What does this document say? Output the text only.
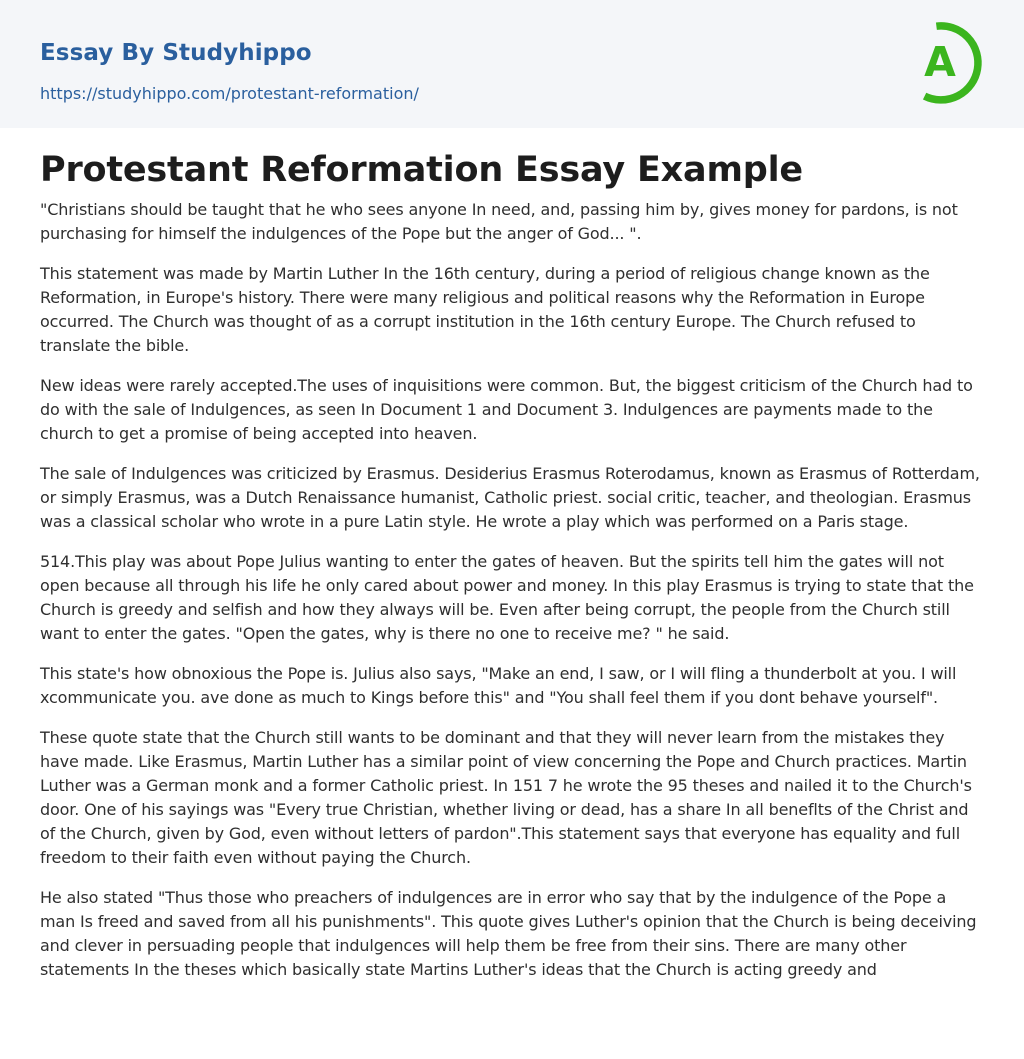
Essay By Studyhippo
https://studyhippo.com/protestant-reformation/
A
Protestant Reformation Essay Example

"Christians should be taught that he who sees anyone In need, and, passing him by, gives money for pardons, is not purchasing for himself the indulgences of the Pope but the anger of God... ".

This statement was made by Martin Luther In the 16th century, during a period of religious change known as the Reformation, in Europe's history. There were many religious and political reasons why the Reformation in Europe occurred. The Church was thought of as a corrupt institution in the 16th century Europe. The Church refused to translate the bible.

New ideas were rarely accepted.The uses of inquisitions were common. But, the biggest criticism of the Church had to do with the sale of Indulgences, as seen In Document 1 and Document 3. Indulgences are payments made to the church to get a promise of being accepted into heaven.

The sale of Indulgences was criticized by Erasmus. Desiderius Erasmus Roterodamus, known as Erasmus of Rotterdam, or simply Erasmus, was a Dutch Renaissance humanist, Catholic priest. social critic, teacher, and theologian. Erasmus was a classical scholar who wrote in a pure Latin style. He wrote a play which was performed on a Paris stage.

514.This play was about Pope Julius wanting to enter the gates of heaven. But the spirits tell him the gates will not open because all through his life he only cared about power and money. In this play Erasmus is trying to state that the Church is greedy and selfish and how they always will be. Even after being corrupt, the people from the Church still want to enter the gates. "Open the gates, why is there no one to receive me? " he said.

This state's how obnoxious the Pope is. Julius also says, "Make an end, I saw, or I will fling a thunderbolt at you. I will xcommunicate you. ave done as much to Kings before this" and "You shall feel them if you dont behave yourself".

These quote state that the Church still wants to be dominant and that they will never learn from the mistakes they have made. Like Erasmus, Martin Luther has a similar point of view concerning the Pope and Church practices. Martin Luther was a German monk and a former Catholic priest. In 151 7 he wrote the 95 theses and nailed it to the Church's door. One of his sayings was "Every true Christian, whether living or dead, has a share In all beneflts of the Christ and of the Church, given by God, even without letters of pardon".This statement says that everyone has equality and full freedom to their faith even without paying the Church.

He also stated "Thus those who preachers of indulgences are in error who say that by the indulgence of the Pope a man Is freed and saved from all his punishments". This quote gives Luther's opinion that the Church is being deceiving and clever in persuading people that indulgences will help them be free from their sins. There are many other statements In the theses which basically state Martins Luther's ideas that the Church is acting greedy and
